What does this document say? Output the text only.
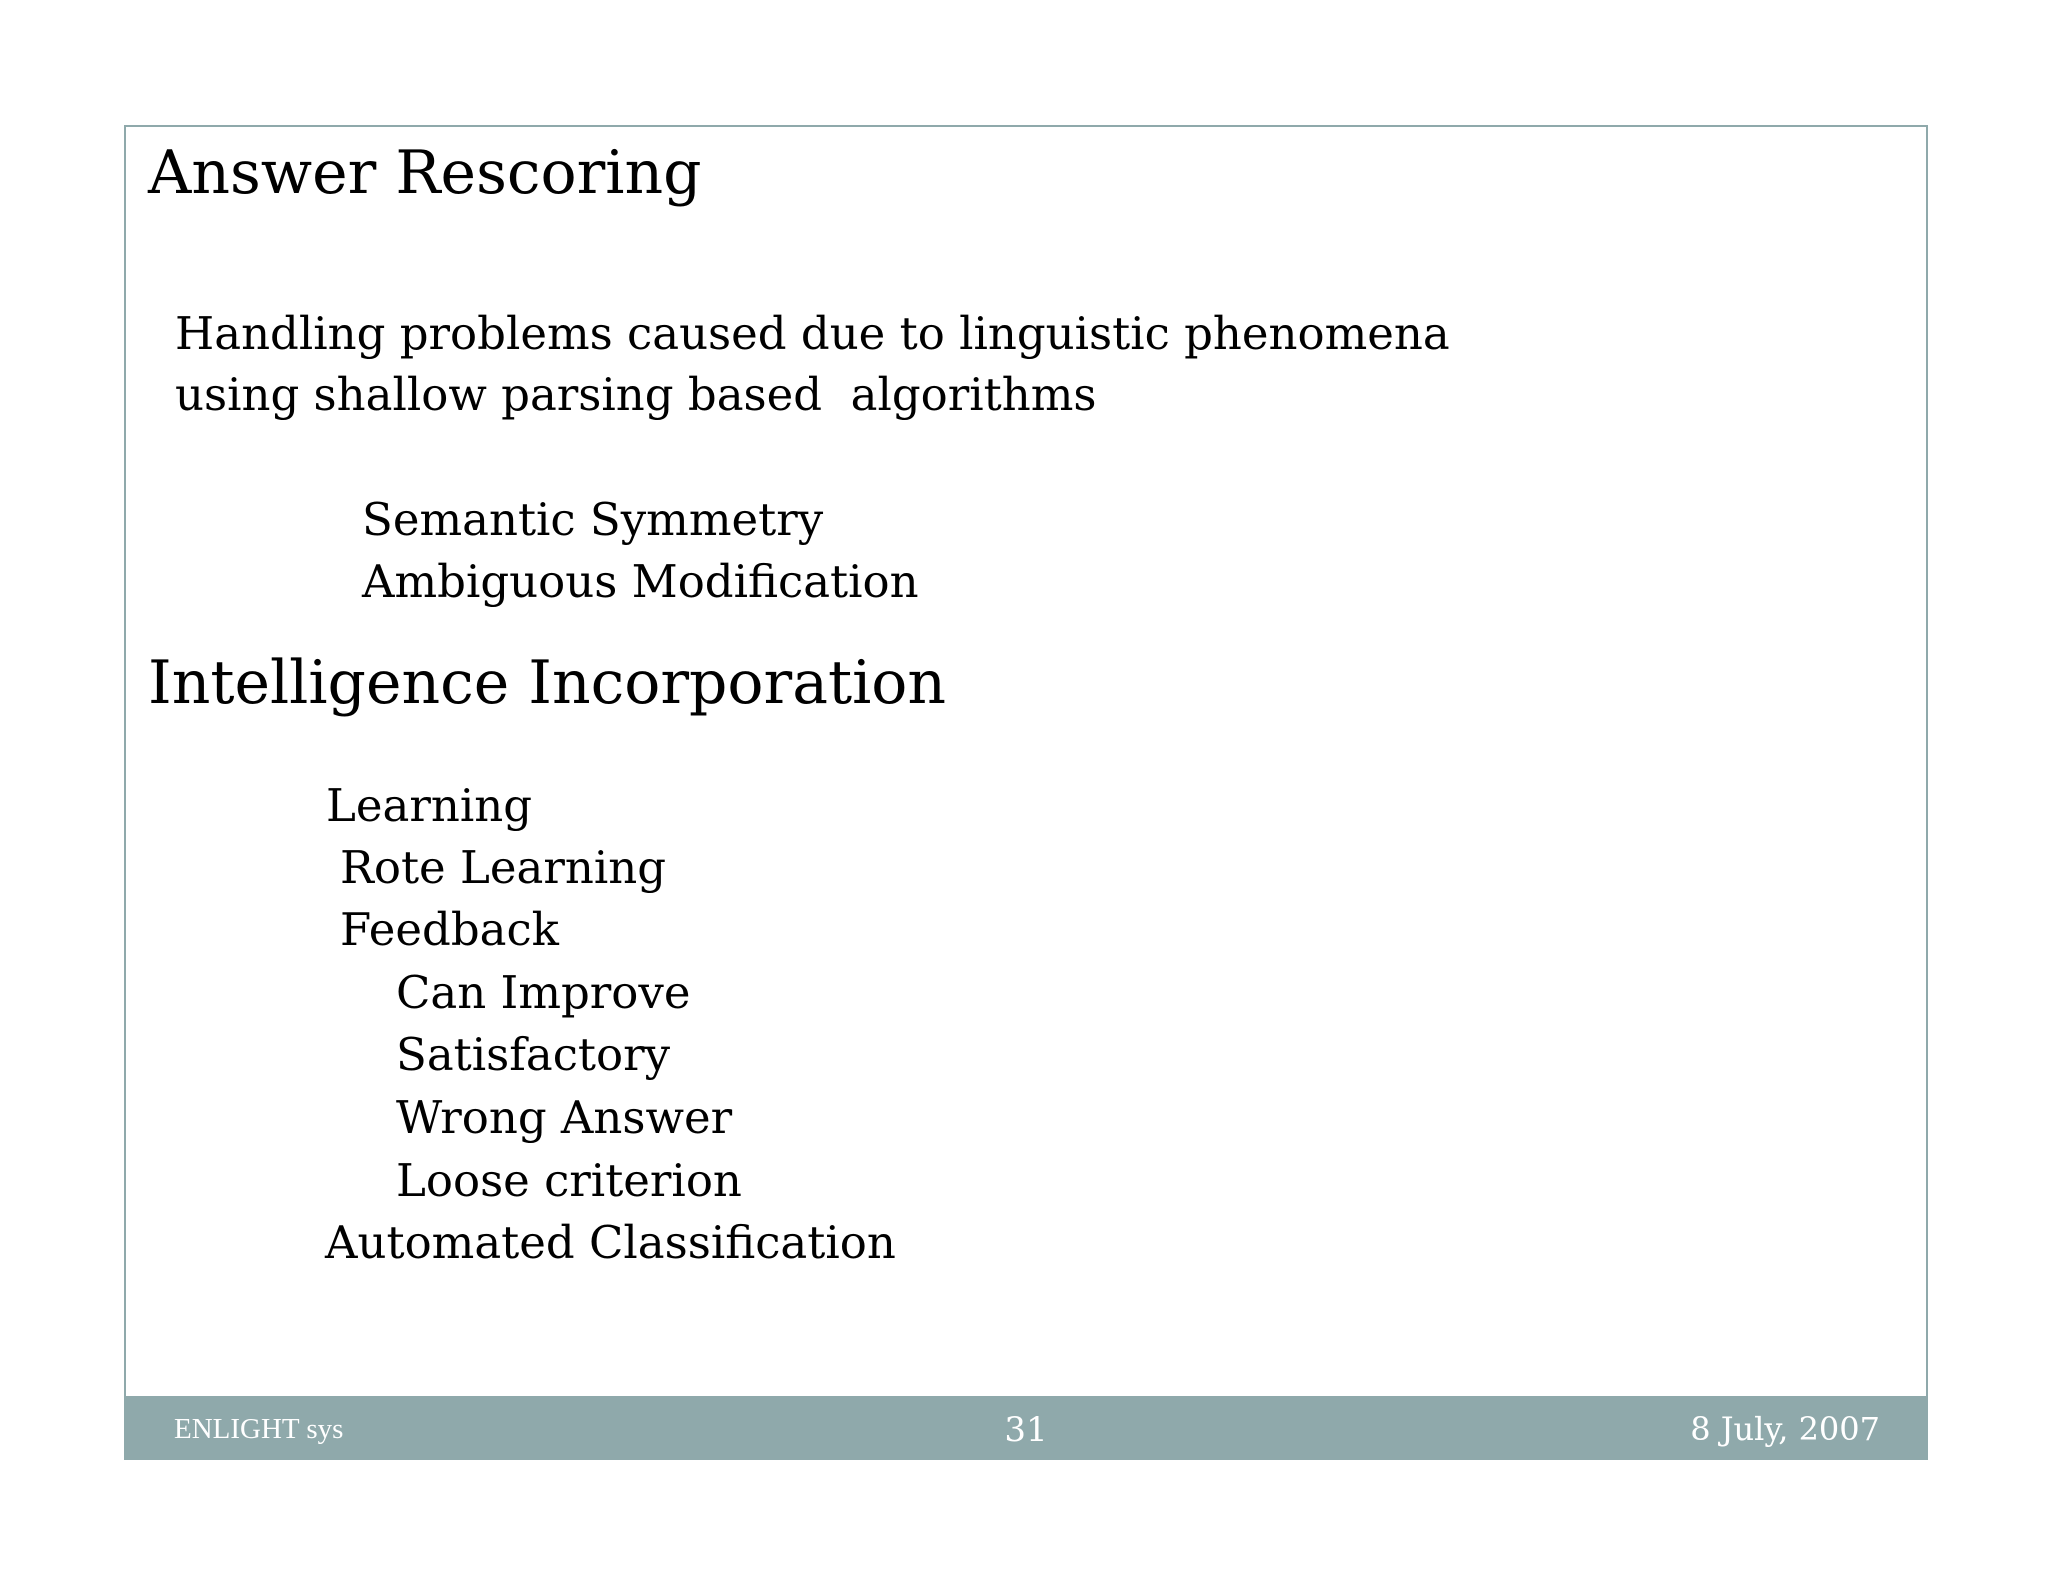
Answer Rescoring
Handling problems caused due to linguistic phenomena
using shallow parsing based  algorithms
Semantic Symmetry
Ambiguous Modification
Intelligence Incorporation
Learning
Rote Learning
Feedback
Can Improve
Satisfactory
Wrong Answer
Loose criterion
Automated Classification
ENLIGHT sys	31	8 July, 2007
